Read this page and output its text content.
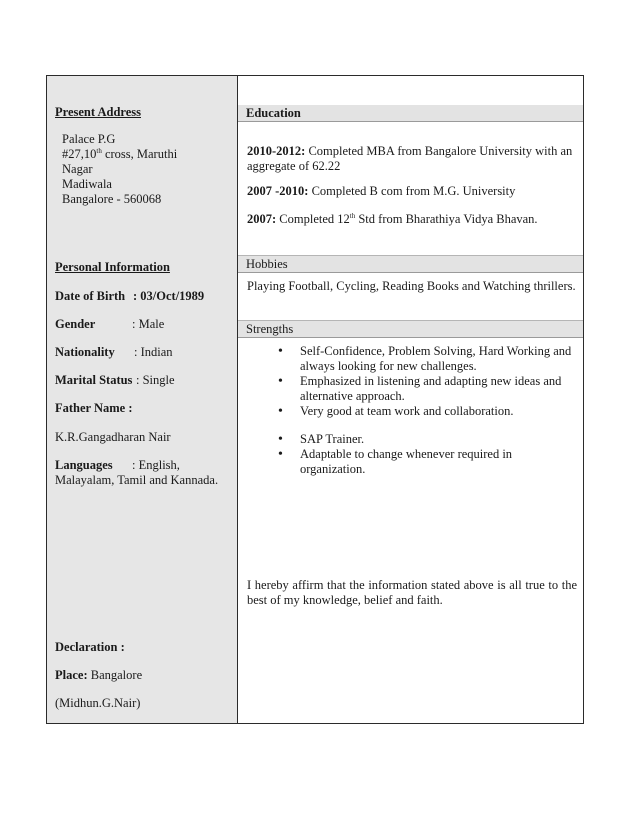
Present Address
Palace P.G
#27,10th cross, Maruthi
Nagar
Madiwala
Bangalore - 560068
Personal Information
Date of Birth : 03/Oct/1989
Gender	: Male
Nationality : Indian
Marital Status : Single
Father Name :
K.R.Gangadharan Nair
Languages : English,
Malayalam, Tamil and Kannada.
Declaration :
Place: Bangalore
(Midhun.G.Nair)
Education
2010-2012: Completed MBA from Bangalore University with an
aggregate of 62.22
2007 -2010: Completed B com from M.G. University
2007: Completed 12th Std from Bharathiya Vidya Bhavan.
Hobbies
Playing Football, Cycling, Reading Books and Watching thrillers.
Strengths
• Self-Confidence, Problem Solving, Hard Working and always looking for new challenges.
• Emphasized in listening and adapting new ideas and alternative approach.
• Very good at team work and collaboration.
• SAP Trainer.
• Adaptable to change whenever required in organization.
I hereby affirm that the information stated above is all true to the best of my knowledge, belief and faith.
